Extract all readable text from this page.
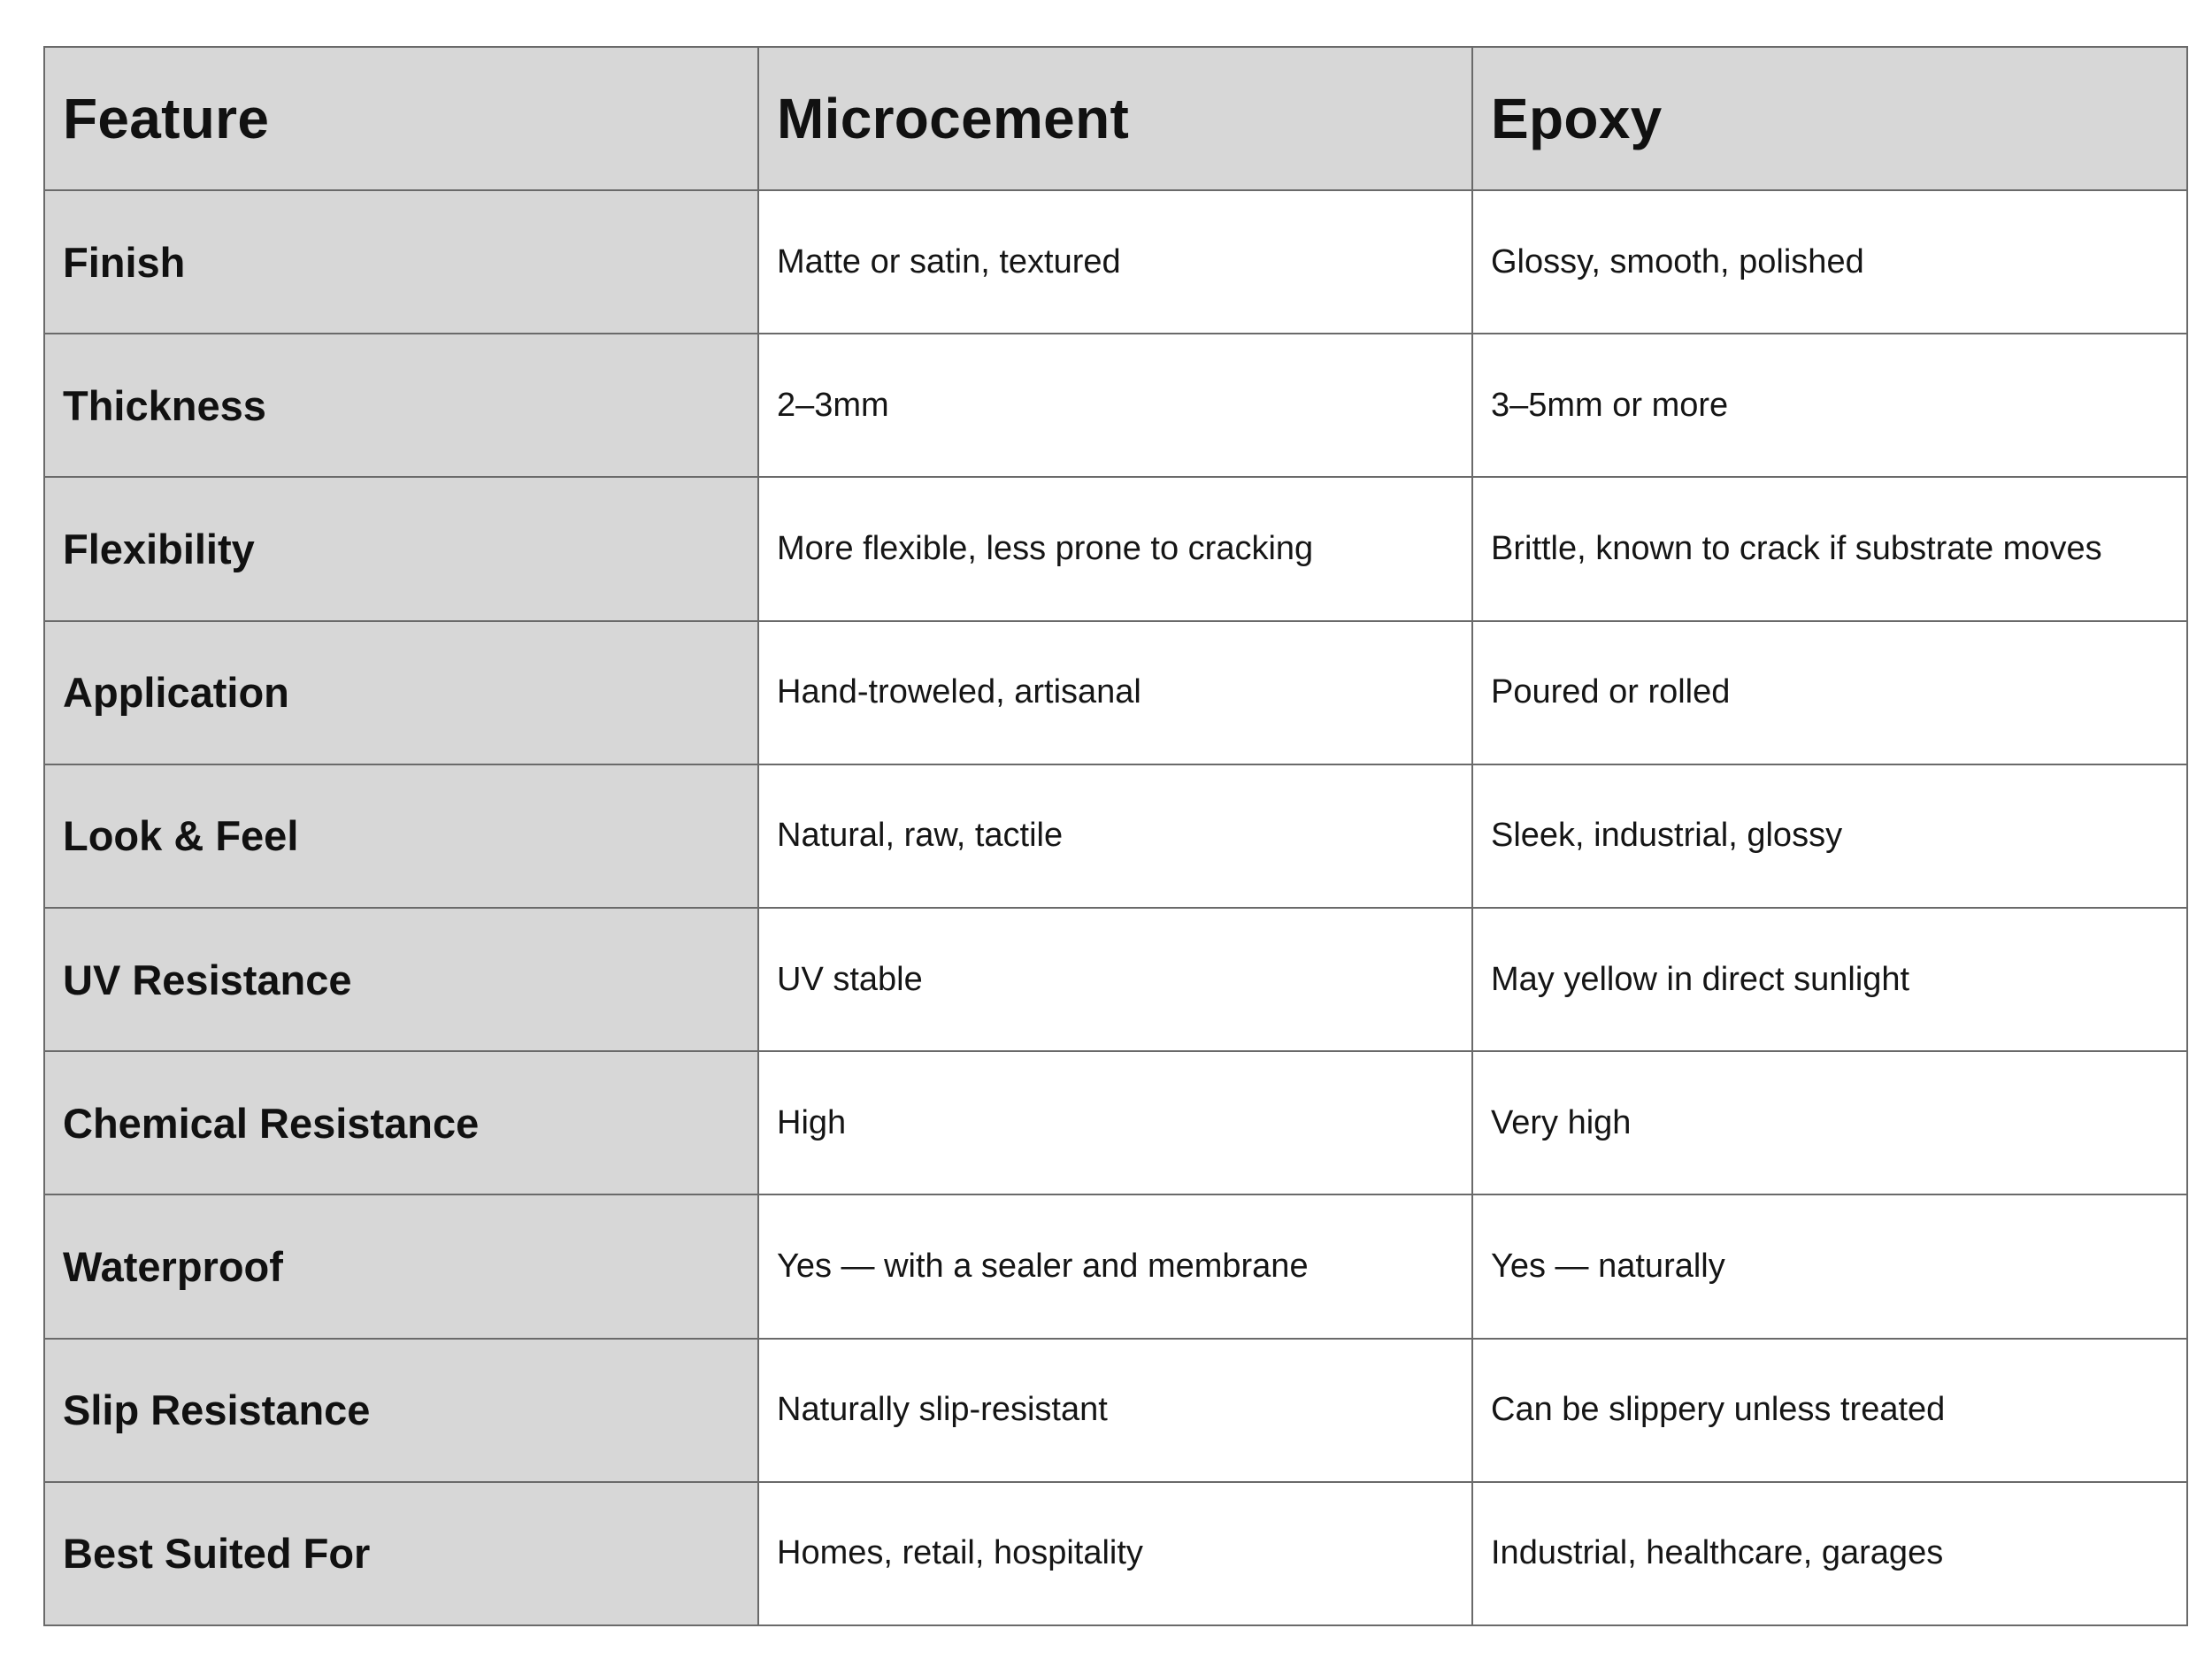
Feature	Microcement	Epoxy
Finish	Matte or satin, textured	Glossy, smooth, polished
Thickness	2–3mm	3–5mm or more
Flexibility	More flexible, less prone to cracking	Brittle, known to crack if substrate moves
Application	Hand-troweled, artisanal	Poured or rolled
Look & Feel	Natural, raw, tactile	Sleek, industrial, glossy
UV Resistance	UV stable	May yellow in direct sunlight
Chemical Resistance	High	Very high
Waterproof	Yes — with a sealer and membrane	Yes — naturally
Slip Resistance	Naturally slip-resistant	Can be slippery unless treated
Best Suited For	Homes, retail, hospitality	Industrial, healthcare, garages
